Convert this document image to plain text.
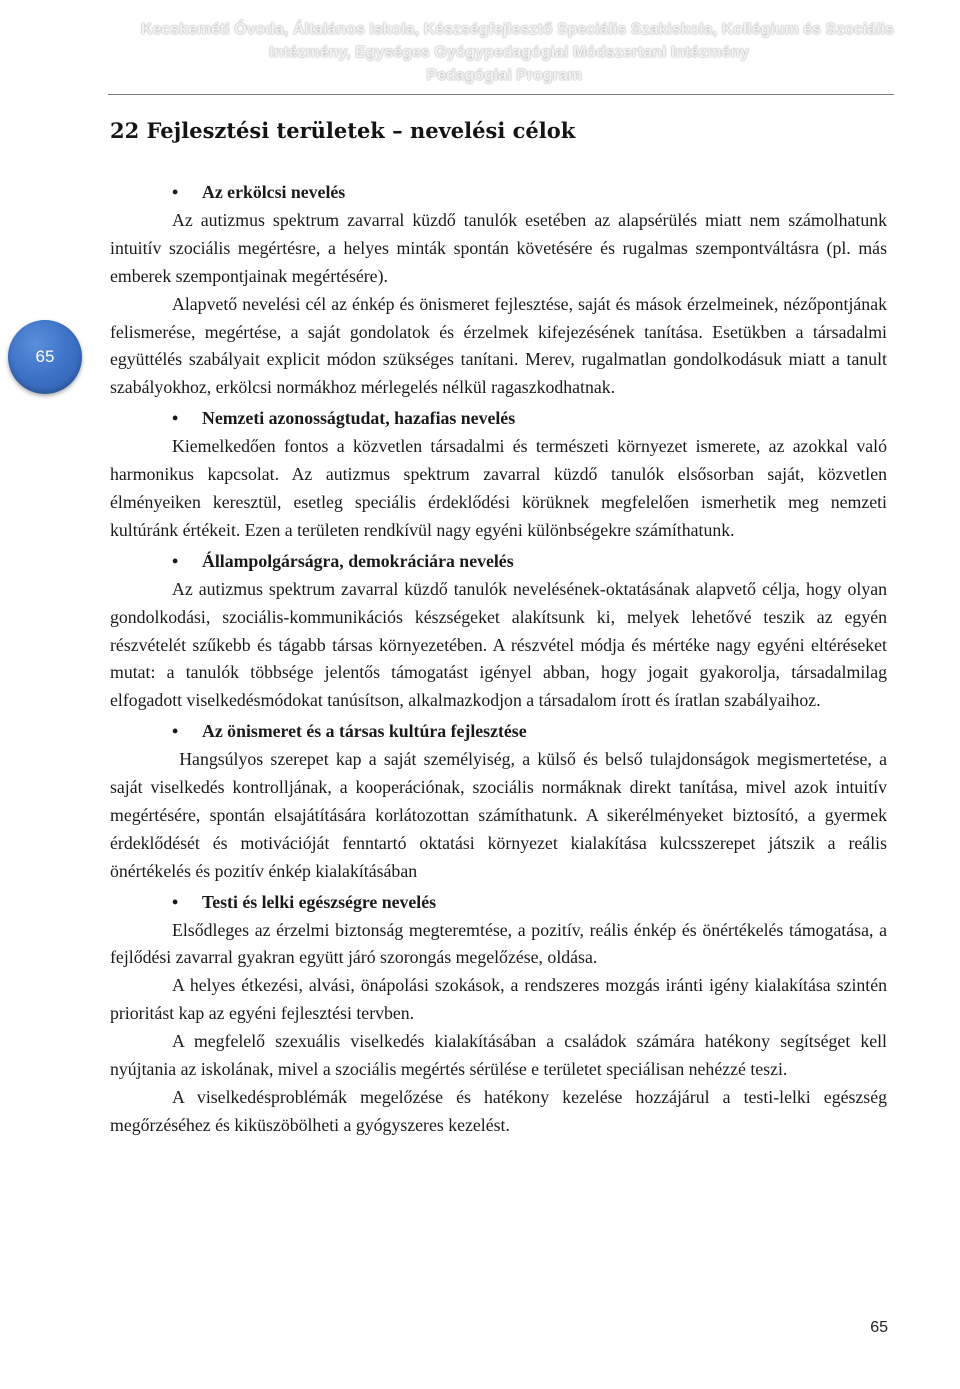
Kecskeméti Óvoda, Általános Iskola, Készségfejlesztő Speciális Szakiskola, Kollégium és Szociális
Intézmény, Egységes Gyógypedagógiai Módszertani Intézmény
Pedagógiai Program
65
22 Fejlesztési területek – nevelési célok
• Az erkölcsi nevelés

Az autizmus spektrum zavarral küzdő tanulók esetében az alapsérülés miatt nem számolhatunk intuitív szociális megértésre, a helyes minták spontán követésére és rugalmas szempontváltásra (pl. más emberek szempontjainak megértésére).

Alapvető nevelési cél az énkép és önismeret fejlesztése, saját és mások érzelmeinek, nézőpontjának felismerése, megértése, a saját gondolatok és érzelmek kifejezésének tanítása. Esetükben a társadalmi együttélés szabályait explicit módon szükséges tanítani. Merev, rugalmatlan gondolkodásuk miatt a tanult szabályokhoz, erkölcsi normákhoz mérlegelés nélkül ragaszkodhatnak.

• Nemzeti azonosságtudat, hazafias nevelés

Kiemelkedően fontos a közvetlen társadalmi és természeti környezet ismerete, az azokkal való harmonikus kapcsolat. Az autizmus spektrum zavarral küzdő tanulók elsősorban saját, közvetlen élményeiken keresztül, esetleg speciális érdeklődési körüknek megfelelően ismerhetik meg nemzeti kultúránk értékeit. Ezen a területen rendkívül nagy egyéni különbségekre számíthatunk.

• Állampolgárságra, demokráciára nevelés

Az autizmus spektrum zavarral küzdő tanulók nevelésének-oktatásának alapvető célja, hogy olyan gondolkodási, szociális-kommunikációs készségeket alakítsunk ki, melyek lehetővé teszik az egyén részvételét szűkebb és tágabb társas környezetében. A részvétel módja és mértéke nagy egyéni eltéréseket mutat: a tanulók többsége jelentős támogatást igényel abban, hogy jogait gyakorolja, társadalmilag elfogadott viselkedésmódokat tanúsítson, alkalmazkodjon a társadalom írott és íratlan szabályaihoz.

• Az önismeret és a társas kultúra fejlesztése

Hangsúlyos szerepet kap a saját személyiség, a külső és belső tulajdonságok megismertetése, a saját viselkedés kontrolljának, a kooperációnak, szociális normáknak direkt tanítása, mivel azok intuitív megértésére, spontán elsajátítására korlátozottan számíthatunk. A sikerélményeket biztosító, a gyermek érdeklődését és motivációját fenntartó oktatási környezet kialakítása kulcsszerepet játszik a reális önértékelés és pozitív énkép kialakításában

• Testi és lelki egészségre nevelés

Elsődleges az érzelmi biztonság megteremtése, a pozitív, reális énkép és önértékelés támogatása, a fejlődési zavarral gyakran együtt járó szorongás megelőzése, oldása.

A helyes étkezési, alvási, önápolási szokások, a rendszeres mozgás iránti igény kialakítása szintén prioritást kap az egyéni fejlesztési tervben.

A megfelelő szexuális viselkedés kialakításában a családok számára hatékony segítséget kell nyújtania az iskolának, mivel a szociális megértés sérülése e területet speciálisan nehézzé teszi.

A viselkedésproblémák megelőzése és hatékony kezelése hozzájárul a testi-lelki egészség megőrzéséhez és kiküszöbölheti a gyógyszeres kezelést.

65
